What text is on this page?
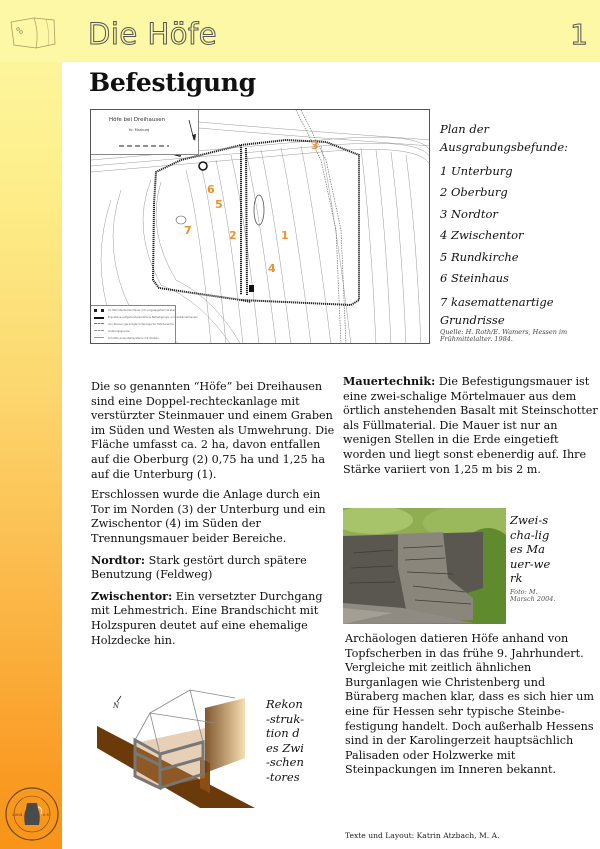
Die Höfe	1
Befestigung
Höfe bei Dreihausen
Kr. Marburg
Im Wall steckende Mauer mit vorgelagertem Graben
Ergrabene aufgehende/erhaltene Befestigungs- und Gebäudemauern
Von Steinen gereinigte Unterzüge für Fahrbereiche
Grabungsgrenze
Schnitte eines Wallsystems mit Graben
1
2
3
4
5
6
7
Plan der
Ausgrabungsbefunde:
1 Unterburg
2 Oberburg
3 Nordtor
4 Zwischentor
5 Rundkirche
6 Steinhaus
7 kasemattenartige Grundrisse
Quelle: H. Roth/E. Wamers, Hessen im
Frühmittelalter. 1984.

Die so genannten “Höfe” bei Dreihausen sind eine Doppel-rechteckanlage mit verstürzter Steinmauer und einem Graben im Süden und Westen als Umwehrung. Die Fläche umfasst ca. 2 ha, davon entfallen auf die Oberburg (2) 0,75 ha und 1,25 ha auf die Unterburg (1).

Erschlossen wurde die Anlage durch ein Tor im Norden (3) der Unterburg und ein Zwischentor (4) im Süden der Trennungsmauer beider Bereiche.

Nordtor: Stark gestört durch spätere Benutzung (Feldweg)

Zwischentor: Ein versetzter Durchgang mit Lehmestrich. Eine Brandschicht mit Holzspuren deutet auf eine ehemalige Holzdecke hin.

Mauertechnik: Die Befestigungsmauer ist eine zwei-schalige Mörtelmauer aus dem örtlich anstehenden Basalt mit Steinschotter als Füllmaterial. Die Mauer ist nur an wenigen Stellen in die Erde eingetieft worden und liegt sonst ebenerdig auf. Ihre Stärke variiert von 1,25 m bis 2 m.

Zwei-scha-liges Mauer-werk
Foto: M.
Marsch 2004.
Archäologen datieren Höfe anhand von Topfscherben in das frühe 9. Jahrhundert. Vergleiche mit zeitlich ähnlichen Burganlagen wie Christenberg und Büraberg machen klar, dass es sich hier um eine für Hessen sehr typische Steinbe-festigung handelt. Doch außerhalb Hessens sind in der Karolingerzeit hauptsächlich Palisaden oder Holzwerke mit Steinpackungen im Inneren bekannt.
N	Rekon-struk-tion des Zwi-schen-tores
2004	e.V.
Texte und Layout: Katrin Atzbach, M. A.
